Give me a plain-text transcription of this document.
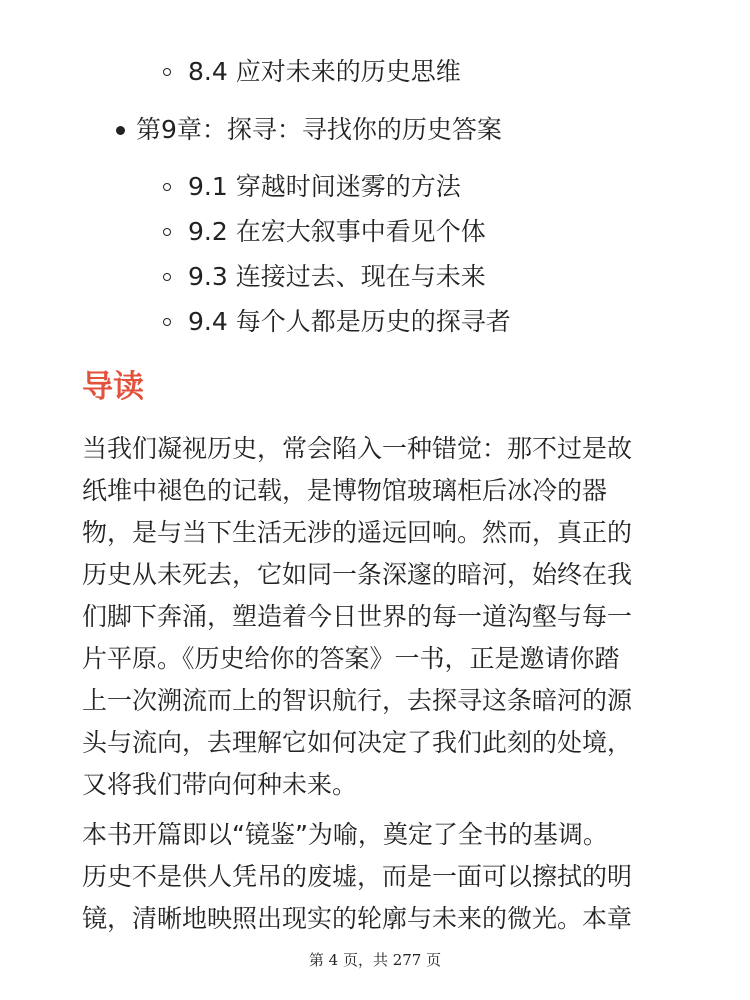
8.4 应对未来的历史思维
第9章：探寻：寻找你的历史答案
9.1 穿越时间迷雾的方法
9.2 在宏大叙事中看见个体
9.3 连接过去、现在与未来
9.4 每个人都是历史的探寻者
导读
当我们凝视历史，常会陷入一种错觉：那不过是故
纸堆中褪色的记载，是博物馆玻璃柜后冰冷的器
物，是与当下生活无涉的遥远回响。然而，真正的
历史从未死去，它如同一条深邃的暗河，始终在我
们脚下奔涌，塑造着今日世界的每一道沟壑与每一
片平原。《历史给你的答案》一书，正是邀请你踏
上一次溯流而上的智识航行，去探寻这条暗河的源
头与流向，去理解它如何决定了我们此刻的处境，
又将我们带向何种未来。
本书开篇即以“镜鉴”为喻，奠定了全书的基调。
历史不是供人凭吊的废墟，而是一面可以擦拭的明
镜，清晰地映照出现实的轮廓与未来的微光。本章
第 4 页，共 277 页
